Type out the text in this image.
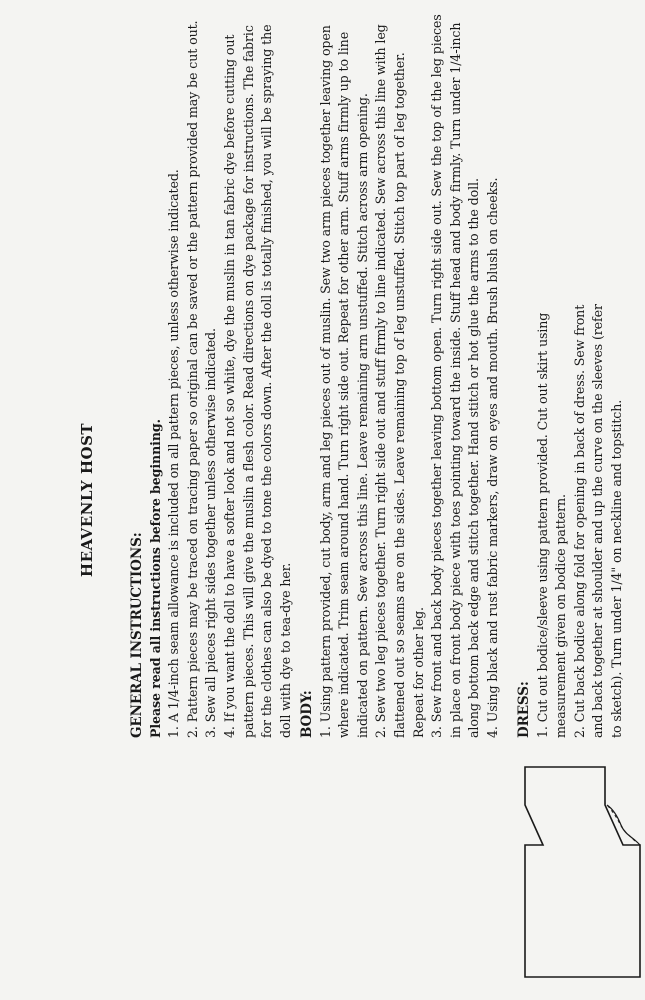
HEAVENLY HOST

GENERAL INSTRUCTIONS: Please read all instructions before beginning. 1. A 1/4-inch seam allowance is included on all pattern pieces, unless otherwise indicated. 2. Pattern pieces may be traced on tracing paper so original can be saved or the pattern provided may be cut out. 3. Sew all pieces right sides together unless otherwise indicated. 4. If you want the doll to have a softer look and not so white, dye the muslin in tan fabric dye before cutting out pattern pieces. This will give the muslin a flesh color. Read directions on dye package for instructions. The fabric for the clothes can also be dyed to tone the colors down. After the doll is totally finished, you will be spraying the doll with dye to tea-dye her. BODY: 1. Using pattern provided, cut body, arm and leg pieces out of muslin. Sew two arm pieces together leaving open where indicated. Trim seam around hand. Turn right side out. Repeat for other arm. Stuff arms firmly up to line indicated on pattern. Sew across this line. Leave remaining arm unstuffed. Stitch across arm opening. 2. Sew two leg pieces together. Turn right side out and stuff firmly to line indicated. Sew across this line with leg flattened out so seams are on the sides. Leave remaining top of leg unstuffed. Stitch top part of leg together. Repeat for other leg. 3. Sew front and back body pieces together leaving bottom open. Turn right side out. Sew the top of the leg pieces in place on front body piece with toes pointing toward the inside. Stuff head and body firmly. Turn under 1/4-inch along bottom back edge and stitch together. Hand stitch or hot glue the arms to the doll. 4. Using black and rust fabric markers, draw on eyes and mouth. Brush blush on cheeks. DRESS: 1. Cut out bodice/sleeve using pattern provided. Cut out skirt using measurement given on bodice pattern. 2. Cut back bodice along fold for opening in back of dress. Sew front and back together at shoulder and up the curve on the sleeves (refer to sketch). Turn under 1/4" on neckline and topstitch.
